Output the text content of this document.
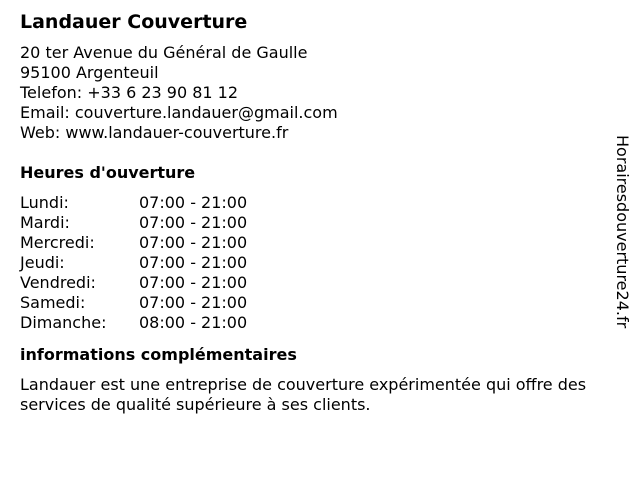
Landauer Couverture
20 ter Avenue du Général de Gaulle
95100 Argenteuil
Telefon: +33 6 23 90 81 12
Email: couverture.landauer@gmail.com
Web: www.landauer-couverture.fr
Heures d'ouverture
Lundi:	07:00 - 21:00
Mardi:	07:00 - 21:00
Mercredi:	07:00 - 21:00
Jeudi:	07:00 - 21:00
Vendredi:	07:00 - 21:00
Samedi:	07:00 - 21:00
Dimanche:	08:00 - 21:00
informations complémentaires
Landauer est une entreprise de couverture expérimentée qui offre des services de qualité supérieure à ses clients.
Horairesdouverture24.fr
